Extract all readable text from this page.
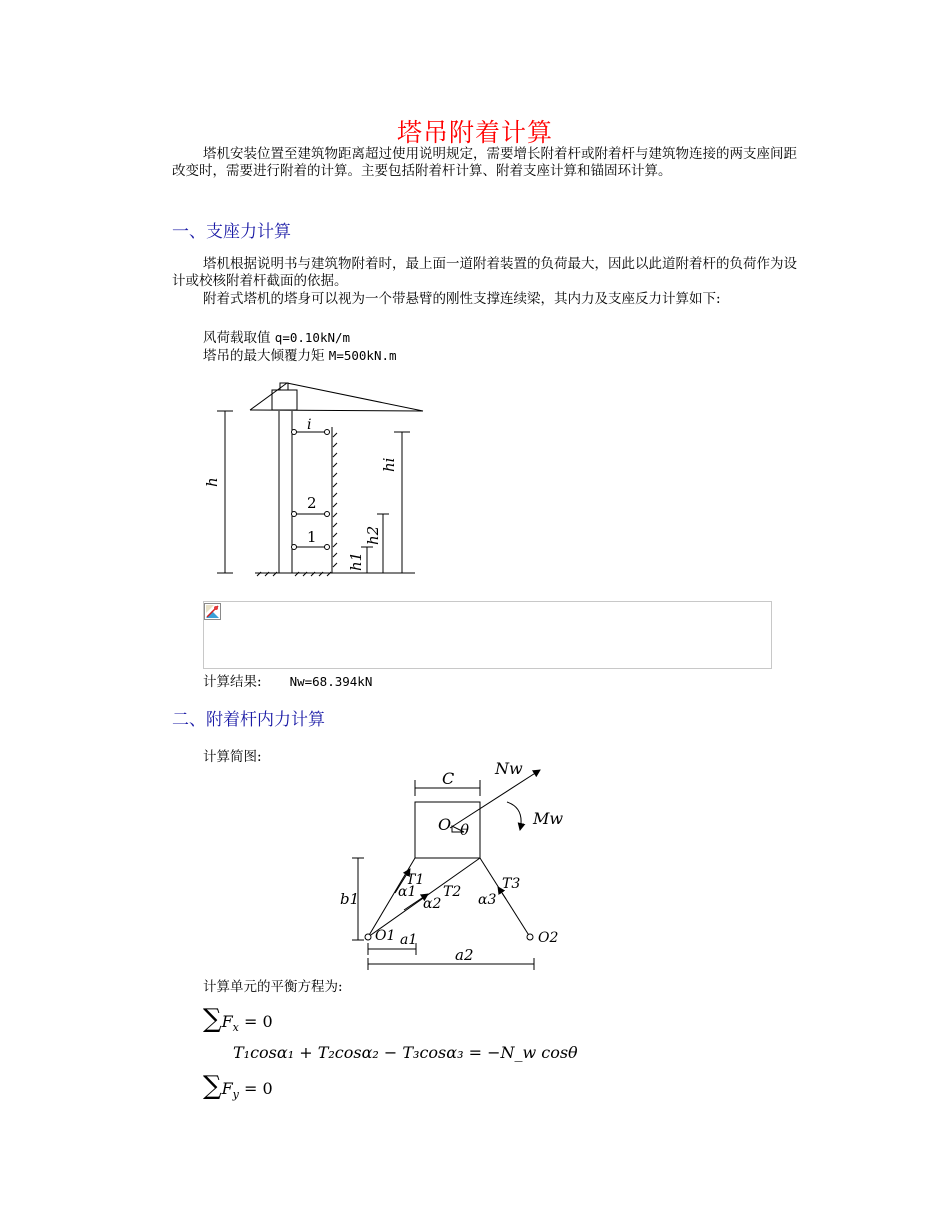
塔吊附着计算
塔机安装位置至建筑物距离超过使用说明规定，需要增长附着杆或附着杆与建筑物连接的两支座间距改变时，需要进行附着的计算。主要包括附着杆计算、附着支座计算和锚固环计算。
一、支座力计算
塔机根据说明书与建筑物附着时，最上面一道附着装置的负荷最大，因此以此道附着杆的负荷作为设计或校核附着杆截面的依据。
附着式塔机的塔身可以视为一个带悬臂的刚性支撑连续梁，其内力及支座反力计算如下:
风荷载取值 q=0.10kN/m
塔吊的最大倾覆力矩 M=500kN.m
h
i
hi
2
1	h2
h1
计算结果: Nw=68.394kN
二、附着杆内力计算
计算简图:
C
Nw
O θ
Mw
T1
α1 T2
α2	α3
T3
b1
O1 a1	O2
a2
计算单元的平衡方程为:
$\sum F_x = 0$
T₁cosα₁ + T₂cosα₂ − T₃cosα₃ = −N_w cosθ
$\sum F_y = 0$
